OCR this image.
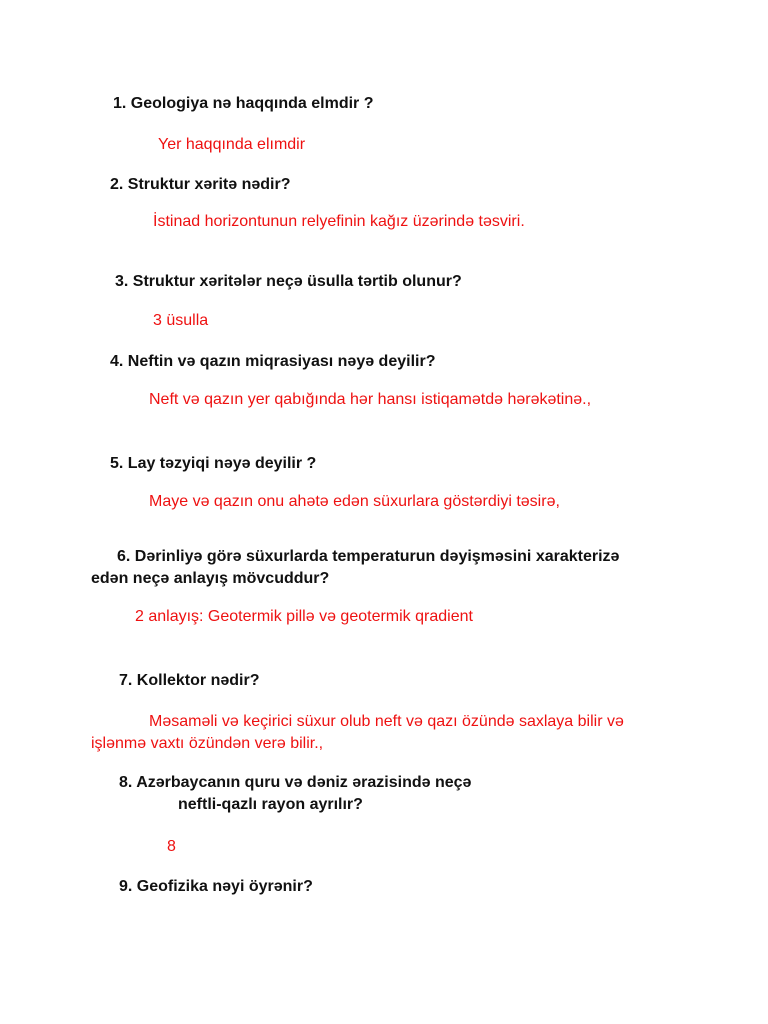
1. Geologiya nə haqqında elmdir ?
Yer haqqında elımdir
2. Struktur xəritə nədir?
İstinad horizontunun relyefinin kağız üzərində təsviri.
3. Struktur xəritələr neçə üsulla tərtib olunur?
3 üsulla
4. Neftin və qazın miqrasiyası nəyə deyilir?
Neft və qazın yer qabığında hər hansı istiqamətdə hərəkətinə.,
5. Lay təzyiqi nəyə deyilir ?
Maye və qazın onu ahətə edən süxurlara göstərdiyi təsirə,
6. Dərinliyə görə süxurlarda temperaturun dəyişməsini xarakterizə
edən neçə anlayış mövcuddur?
2 anlayış: Geotermik pillə və geotermik qradient
7. Kollektor nədir?
Məsaməli və keçirici süxur olub neft və qazı özündə saxlaya bilir və
işlənmə vaxtı özündən verə bilir.,
8. Azərbaycanın quru və dəniz ərazisində neçə
neftli-qazlı rayon ayrılır?
8
9. Geofizika nəyi öyrənir?
